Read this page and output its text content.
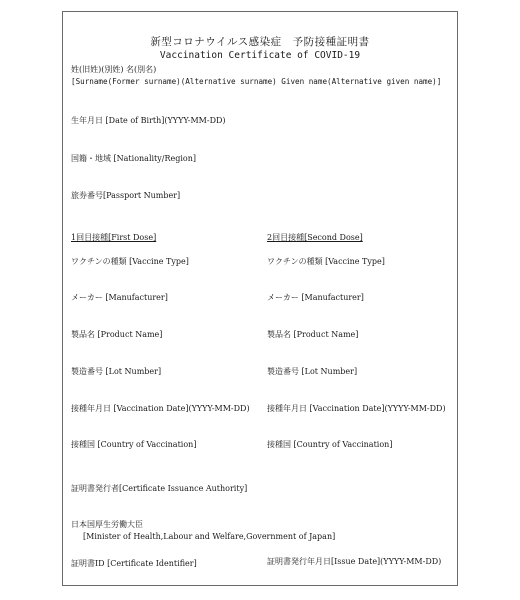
新型コロナウイルス感染症　予防接種証明書
Vaccination Certificate of COVID-19
姓(旧姓)(別姓) 名(別名)
[Surname(Former surname)(Alternative surname) Given name(Alternative given name)]
生年月日 [Date of Birth](YYYY-MM-DD)
国籍・地域 [Nationality/Region]
旅券番号[Passport Number]
1回目接種[First Dose]	2回目接種[Second Dose]
ワクチンの種類 [Vaccine Type]	ワクチンの種類 [Vaccine Type]
メーカー [Manufacturer]	メーカー [Manufacturer]
製品名 [Product Name]	製品名 [Product Name]
製造番号 [Lot Number]	製造番号 [Lot Number]
接種年月日 [Vaccination Date](YYYY-MM-DD) 接種年月日 [Vaccination Date](YYYY-MM-DD)
接種国 [Country of Vaccination]	接種国 [Country of Vaccination]
証明書発行者[Certificate Issuance Authority]
日本国厚生労働大臣
[Minister of Health,Labour and Welfare,Government of Japan]
証明書ID [Certificate Identifier]	証明書発行年月日[Issue Date](YYYY-MM-DD)
